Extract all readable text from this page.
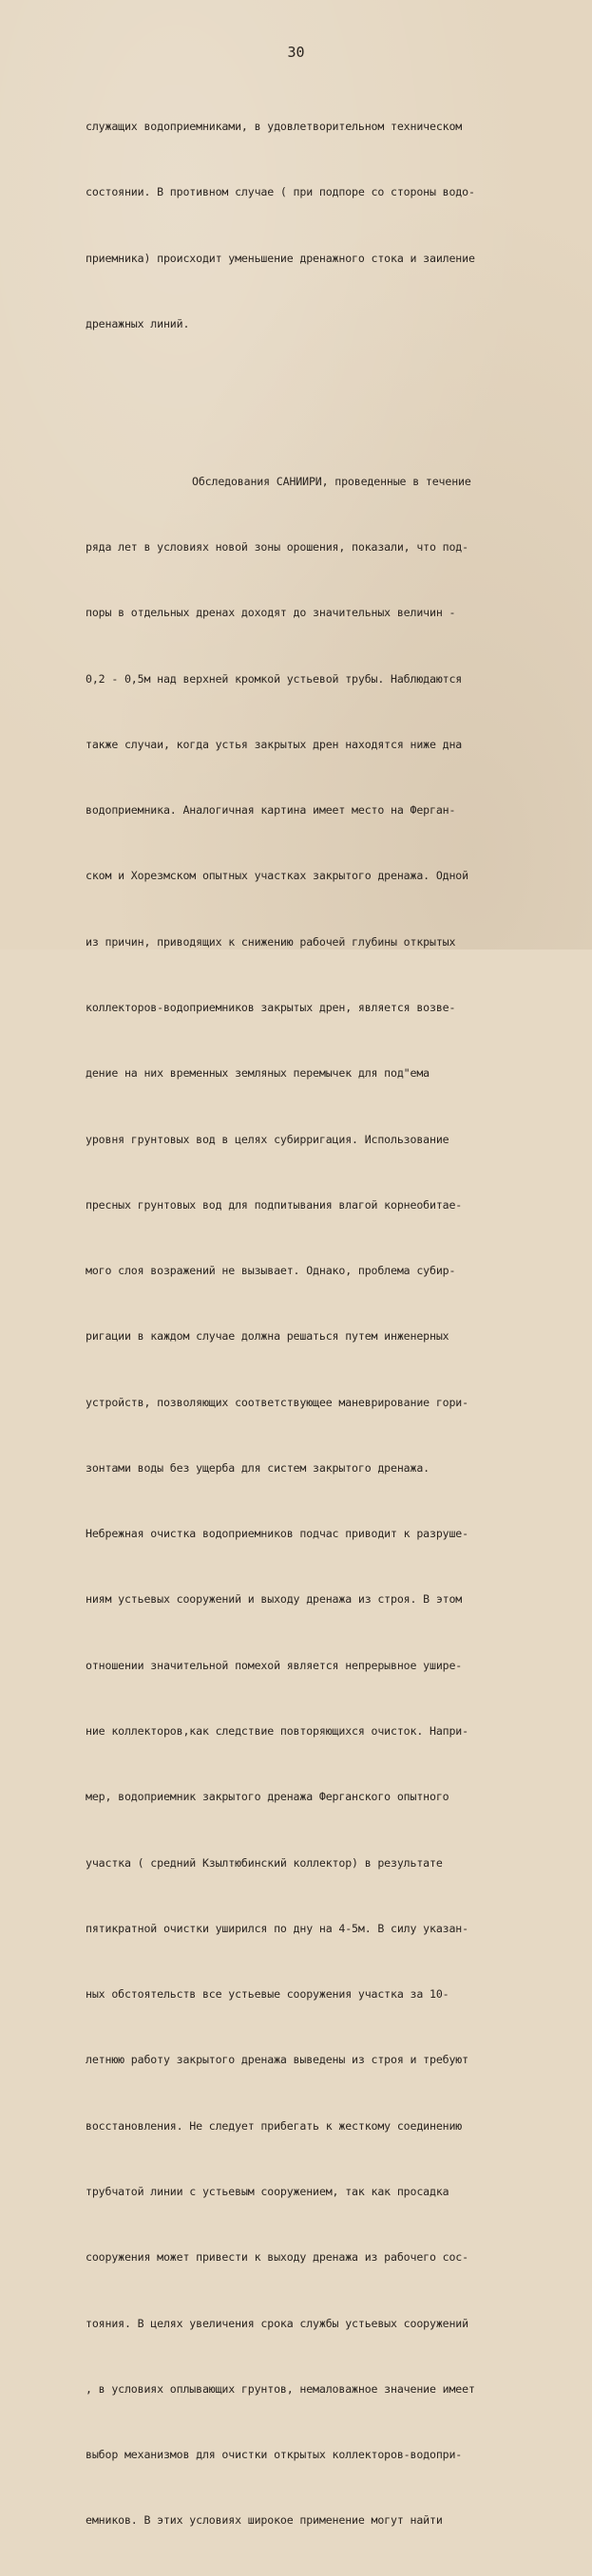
30

служащих водоприемниками, в удовлетворительном техническом

состоянии. В противном случае ( при подпоре со стороны водо-

приемника) происходит уменьшение дренажного стока и заиление

дренажных линий.

Обследования САНИИРИ, проведенные в течение

ряда лет в условиях новой зоны орошения, показали, что под-

поры в отдельных дренах доходят до значительных величин -

0,2 - 0,5м над верхней кромкой устьевой трубы. Наблюдаются

также случаи, когда устья закрытых дрен находятся ниже дна

водоприемника. Аналогичная картина имеет место на Ферган-

ском и Хорезмском опытных участках закрытого дренажа. Одной

из причин, приводящих к снижению рабочей глубины открытых

коллекторов-водоприемников закрытых дрен, является возве-

дение на них временных земляных перемычек для под"ема

уровня грунтовых вод в целях субирригация. Использование

пресных грунтовых вод для подпитывания влагой корнеобитае-

мого слоя возражений не вызывает. Однако, проблема субир-

ригации в каждом случае должна решаться путем инженерных

устройств, позволяющих соответствующее маневрирование гори-

зонтами воды без ущерба для систем закрытого дренажа.

Небрежная очистка водоприемников подчас приводит к разруше-

ниям устьевых сооружений и выходу дренажа из строя. В этом

отношении значительной помехой является непрерывное уширe-

ние коллекторов,как следствие повторяющихся очисток. Напри-

мер, водоприемник закрытого дренажа Ферганского опытного

участка ( средний Кзылтюбинский коллектор) в результате

пятикратной очистки уширился по дну на 4-5м. В силу указан-

ных обстоятельств все устьевые сооружения участка за 10-

летнюю работу закрытого дренажа выведены из строя и требуют

восстановления. Не следует прибегать к жесткому соединению

трубчатой линии с устьевым сооружением, так как просадка

сооружения может привести к выходу дренажа из рабочего сос-

тояния. В целях увеличения срока службы устьевых сооружений

, в условиях оплывающих грунтов, немаловажное значение имеет

выбор механизмов для очистки открытых коллекторов-водопри-

емников. В этих условиях широкое применение могут найти
